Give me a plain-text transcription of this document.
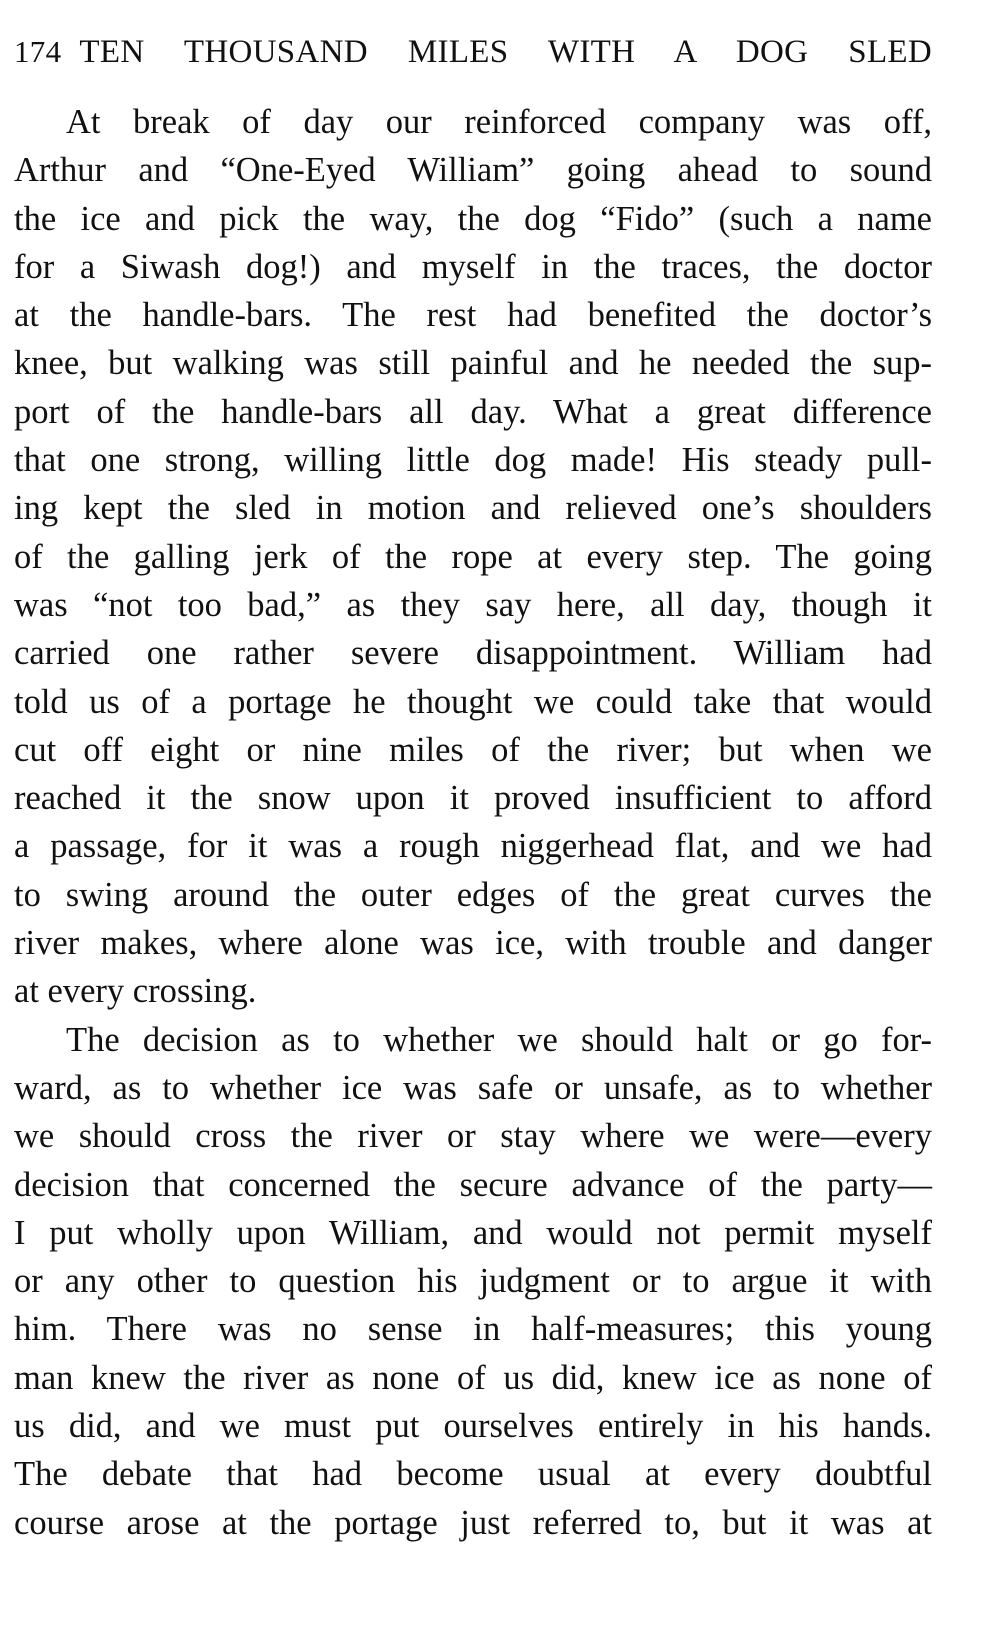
174 TEN THOUSAND MILES WITH A DOG SLED
At break of day our reinforced company was off,
Arthur and “One-Eyed William” going ahead to sound
the ice and pick the way, the dog “Fido” (such a name
for a Siwash dog!) and myself in the traces, the doctor
at the handle-bars. The rest had benefited the doctor’s
knee, but walking was still painful and he needed the sup-
port of the handle-bars all day. What a great difference
that one strong, willing little dog made! His steady pull-
ing kept the sled in motion and relieved one’s shoulders
of the galling jerk of the rope at every step. The going
was “not too bad,” as they say here, all day, though it
carried one rather severe disappointment. William had
told us of a portage he thought we could take that would
cut off eight or nine miles of the river; but when we
reached it the snow upon it proved insufficient to afford
a passage, for it was a rough niggerhead flat, and we had
to swing around the outer edges of the great curves the
river makes, where alone was ice, with trouble and danger
at every crossing.
The decision as to whether we should halt or go for-
ward, as to whether ice was safe or unsafe, as to whether
we should cross the river or stay where we were—every
decision that concerned the secure advance of the party—
I put wholly upon William, and would not permit myself
or any other to question his judgment or to argue it with
him. There was no sense in half-measures; this young
man knew the river as none of us did, knew ice as none of
us did, and we must put ourselves entirely in his hands.
The debate that had become usual at every doubtful
course arose at the portage just referred to, but it was at
